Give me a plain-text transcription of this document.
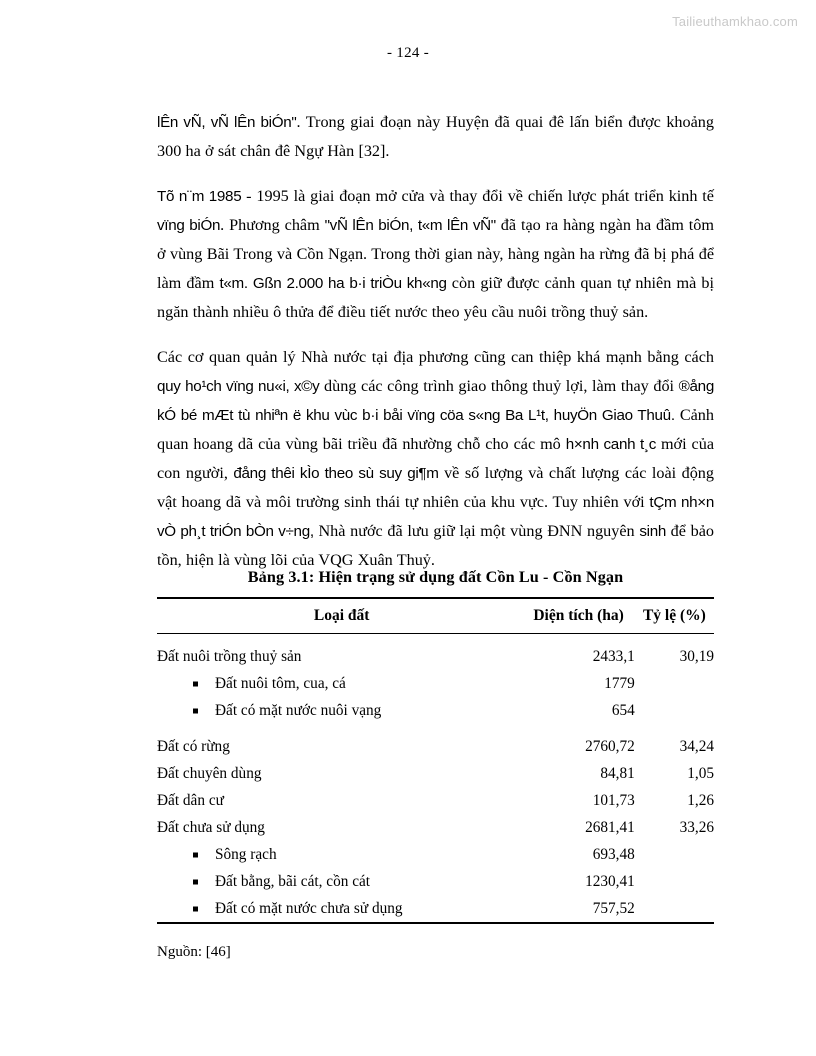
Tailieuthamkhao.com
- 124 -

lÊn vÑ, vÑ lÊn biÓn". Trong giai đoạn này Huyện đã quai đê lấn biển được khoảng 300 ha ở sát chân đê Ngự Hàn [32].

Tõ n¨m 1985 - 1995 là giai đoạn mở cửa và thay đổi về chiến lược phát triển kinh tế vïng biÓn. Phương châm "vÑ lÊn biÓn, t«m lÊn vÑ" đã tạo ra hàng ngàn ha đầm tôm ở vùng Bãi Trong và Cồn Ngạn. Trong thời gian này, hàng ngàn ha rừng đã bị phá để làm đầm t«m. Gßn 2.000 ha b·i triÒu kh«ng còn giữ được cảnh quan tự nhiên mà bị ngăn thành nhiều ô thửa để điều tiết nước theo yêu cầu nuôi trồng thuỷ sản.

Các cơ quan quản lý Nhà nước tại địa phương cũng can thiệp khá mạnh bằng cách quy ho¹ch vïng nu«i, x©y dùng các công trình giao thông thuỷ lợi, làm thay đổi ®ång kÓ bé mÆt tù nhiªn ë khu vùc b·i båi vïng cöa s«ng Ba L¹t, huyÖn Giao Thuû. Cảnh quan hoang dã của vùng bãi triều đã nhường chỗ cho các mô h×nh canh t¸c mới của con người, đång thêi kÌo theo sù suy gi¶m về số lượng và chất lượng các loài động vật hoang dã và môi trường sinh thái tự nhiên của khu vực. Tuy nhiên với tÇm nh×n vÒ ph¸t triÓn bÒn v÷ng, Nhà nước đã lưu giữ lại một vùng ĐNN nguyên sinh để bảo tồn, hiện là vùng lõi của VQG Xuân Thuỷ.

Bảng 3.1: Hiện trạng sử dụng đất Cồn Lu - Cồn Ngạn
Loại đất	Diện tích (ha)	Tỷ lệ (%)

Đất nuôi trồng thuỷ sản	2433,1	30,19

Đất nuôi tôm, cua, cá	1779	

Đất có mặt nước nuôi vạng	654	

Đất có rừng	2760,72	34,24
Đất chuyên dùng	84,81	1,05
Đất dân cư	101,73	1,26
Đất chưa sử dụng	2681,41	33,26

Sông rạch	693,48	

Đất bằng, bãi cát, cồn cát	1230,41	

Đất có mặt nước chưa sử dụng	757,52	

Nguồn: [46]
